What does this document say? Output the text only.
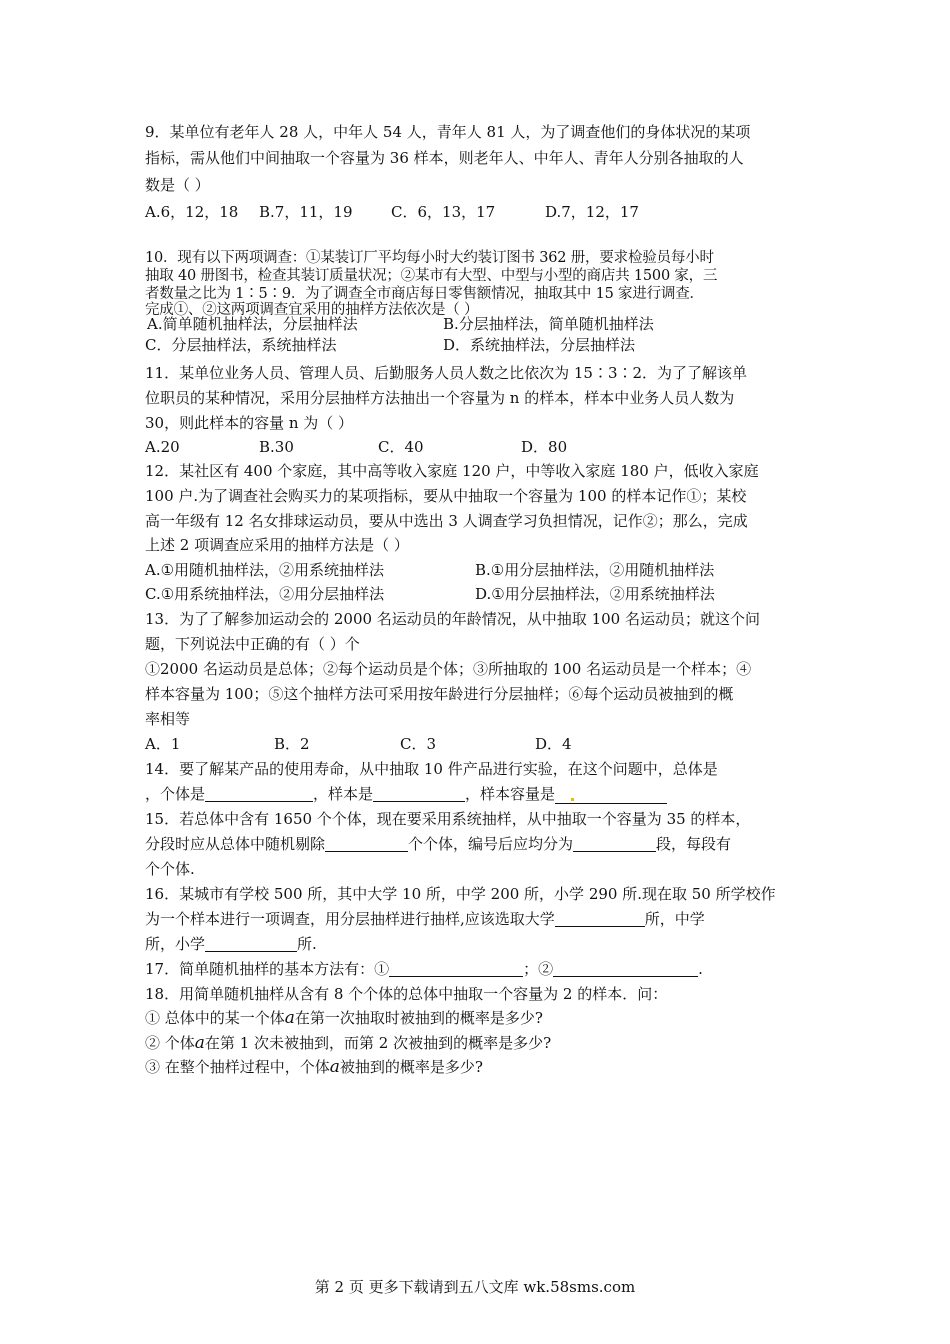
9．某单位有老年人 28 人，中年人 54 人，青年人 81 人，为了调查他们的身体状况的某项
指标，需从他们中间抽取一个容量为 36 样本，则老年人、中年人、青年人分别各抽取的人
数是（ ）
A.6，12，18 B.7，11，19	C．6，13，17	D.7，12，17
10．现有以下两项调查：①某装订厂平均每小时大约装订图书 362 册，要求检验员每小时
抽取 40 册图书，检查其装订质量状况；②某市有大型、中型与小型的商店共 1500 家，三
者数量之比为 1∶5∶9．为了调查全市商店每日零售额情况，抽取其中 15 家进行调查．
完成①、②这两项调查宜采用的抽样方法依次是（ ）
A.简单随机抽样法，分层抽样法	B.分层抽样法，简单随机抽样法
C．分层抽样法，系统抽样法	D．系统抽样法，分层抽样法
11．某单位业务人员、管理人员、后勤服务人员人数之比依次为 15∶3∶2．为了了解该单
位职员的某种情况，采用分层抽样方法抽出一个容量为 n 的样本，样本中业务人员人数为
30，则此样本的容量 n 为（ ）
A.20	B.30	C．40	D．80
12．某社区有 400 个家庭，其中高等收入家庭 120 户，中等收入家庭 180 户，低收入家庭
100 户.为了调查社会购买力的某项指标，要从中抽取一个容量为 100 的样本记作①；某校
高一年级有 12 名女排球运动员，要从中选出 3 人调查学习负担情况，记作②；那么，完成
上述 2 项调查应采用的抽样方法是（ ）
A.①用随机抽样法，②用系统抽样法	B.①用分层抽样法，②用随机抽样法
C.①用系统抽样法，②用分层抽样法	D.①用分层抽样法，②用系统抽样法
13．为了了解参加运动会的 2000 名运动员的年龄情况，从中抽取 100 名运动员；就这个问
题，下列说法中正确的有（ ）个
①2000 名运动员是总体；②每个运动员是个体；③所抽取的 100 名运动员是一个样本；④
样本容量为 100；⑤这个抽样方法可采用按年龄进行分层抽样；⑥每个运动员被抽到的概
率相等
A．1	B．2	C．3	D．4
14．要了解某产品的使用寿命，从中抽取 10 件产品进行实验，在这个问题中，总体是
，个体是	，样本是	，样本容量是
15．若总体中含有 1650 个个体，现在要采用系统抽样，从中抽取一个容量为 35 的样本，
分段时应从总体中随机剔除	个个体，编号后应均分为	段，每段有
个个体.
16．某城市有学校 500 所，其中大学 10 所，中学 200 所，小学 290 所.现在取 50 所学校作
为一个样本进行一项调查，用分层抽样进行抽样,应该选取大学	所，中学
所，小学	所.
17．简单随机抽样的基本方法有：①	；②	.
18．用简单随机抽样从含有 8 个个体的总体中抽取一个容量为 2 的样本．问：
① 总体中的某一个体a在第一次抽取时被抽到的概率是多少?
② 个体a在第 1 次未被抽到，而第 2 次被抽到的概率是多少?
③ 在整个抽样过程中，个体a被抽到的概率是多少?
第 2 页 更多下载请到五八文库 wk.58sms.com
